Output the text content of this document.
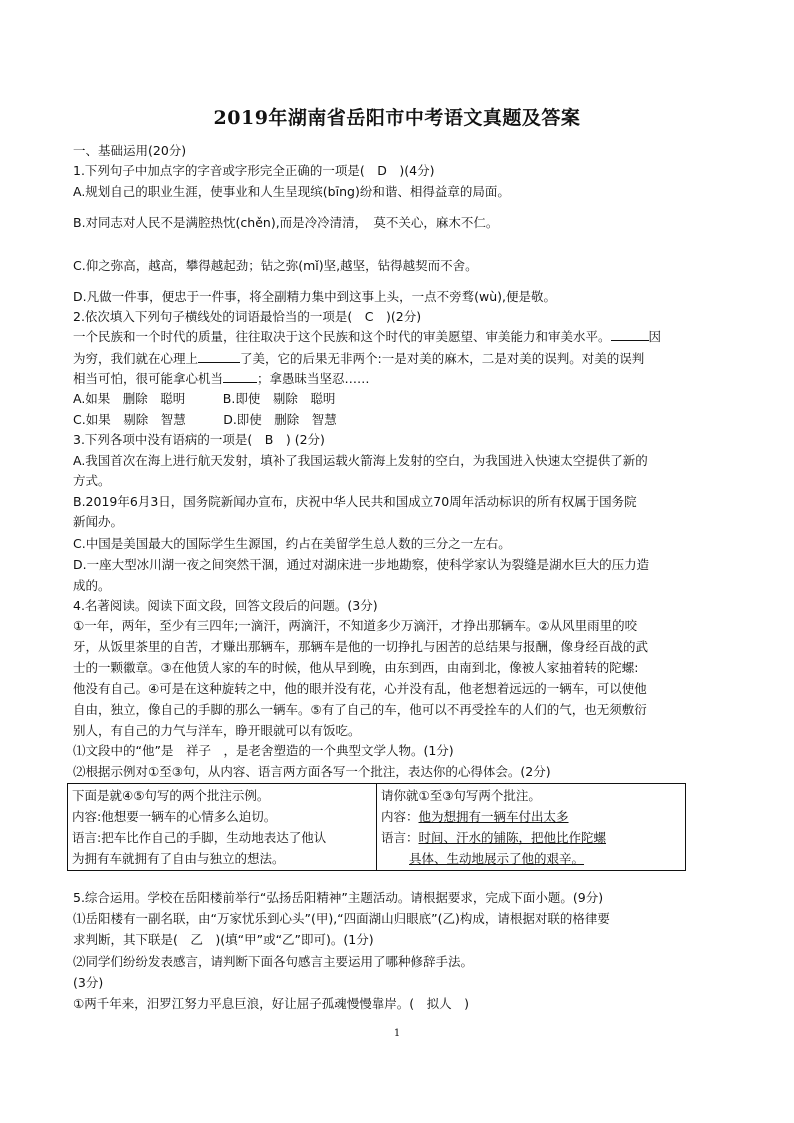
2019年湖南省岳阳市中考语文真题及答案
一、基础运用(20分)
1.下列句子中加点字的字音或字形完全正确的一项是(　D　)(4分)
A.规划自己的职业生涯，使事业和人生呈现缤(bīng)纷和谐、相得益章的局面。
B.对同志对人民不是满腔热忱(chěn),而是冷冷清清，　莫不关心，麻木不仁。
C.仰之弥高，越高，攀得越起劲；钻之弥(mǐ)坚,越坚，钻得越契而不舍。
D.凡做一件事，便忠于一件事，将全副精力集中到这事上头，一点不旁骛(wù),便是敬。
2.依次填入下列句子横线处的词语最恰当的一项是(　C　)(2分)
一个民族和一个时代的质量，往往取决于这个民族和这个时代的审美愿望、审美能力和审美水平。	因
为穷，我们就在心理上	了美，它的后果无非两个:一是对美的麻木，二是对美的误判。对美的误判
相当可怕，很可能拿心机当	；拿愚昧当坚忍……
A.如果　删除　聪明　　　B.即使　剔除　聪明
C.如果　剔除　智慧　　　D.即使　删除　智慧
3.下列各项中没有语病的一项是(　B　) (2分)
A.我国首次在海上进行航天发射，填补了我国运载火箭海上发射的空白，为我国进入快速太空提供了新的
方式。
B.2019年6月3日，国务院新闻办宣布，庆祝中华人民共和国成立70周年活动标识的所有权属于国务院
新闻办。
C.中国是美国最大的国际学生生源国，约占在美留学生总人数的三分之一左右。
D.一座大型冰川湖一夜之间突然干涸，通过对湖床进一步地勘察，使科学家认为裂缝是湖水巨大的压力造
成的。
4.名著阅读。阅读下面文段，回答文段后的问题。(3分)
①一年，两年，至少有三四年;一滴汗，两滴汗，不知道多少万滴汗，才挣出那辆车。②从风里雨里的咬
牙，从饭里茶里的自苦，才赚出那辆车，那辆车是他的一切挣扎与困苦的总结果与报酬，像身经百战的武
士的一颗徽章。③在他赁人家的车的时候，他从早到晚，由东到西，由南到北，像被人家抽着转的陀螺:
他没有自己。④可是在这种旋转之中，他的眼并没有花，心并没有乱，他老想着远远的一辆车，可以使他
自由，独立，像自己的手脚的那么一辆车。⑤有了自己的车，他可以不再受拴车的人们的气，也无须敷衍
别人，有自己的力气与洋车，睁开眼就可以有饭吃。
⑴文段中的“他”是　祥子　，是老舍塑造的一个典型文学人物。(1分)
⑵根据示例对①至③句，从内容、语言两方面各写一个批注，表达你的心得体会。(2分)
下面是就④⑤句写的两个批注示例。
内容:他想要一辆车的心情多么迫切。
语言:把车比作自己的手脚，生动地表达了他认
为拥有车就拥有了自由与独立的想法。

请你就①至③句写两个批注。
内容：他为想拥有一辆车付出太多
语言：时间、汗水的铺陈，把他比作陀螺
具体、生动地展示了他的艰辛。
5.综合运用。学校在岳阳楼前举行“弘扬岳阳精神”主题活动。请根据要求，完成下面小题。(9分)
⑴岳阳楼有一副名联，由“万家忧乐到心头”(甲),“四面湖山归眼底”(乙)构成，请根据对联的格律要
求判断，其下联是(　乙　)(填“甲”或“乙”即可)。(1分)
⑵同学们纷纷发表感言，请判断下面各句感言主要运用了哪种修辞手法。
(3分)
①两千年来，汨罗江努力平息巨浪，好让屈子孤魂慢慢靠岸。(　拟人　)
1
